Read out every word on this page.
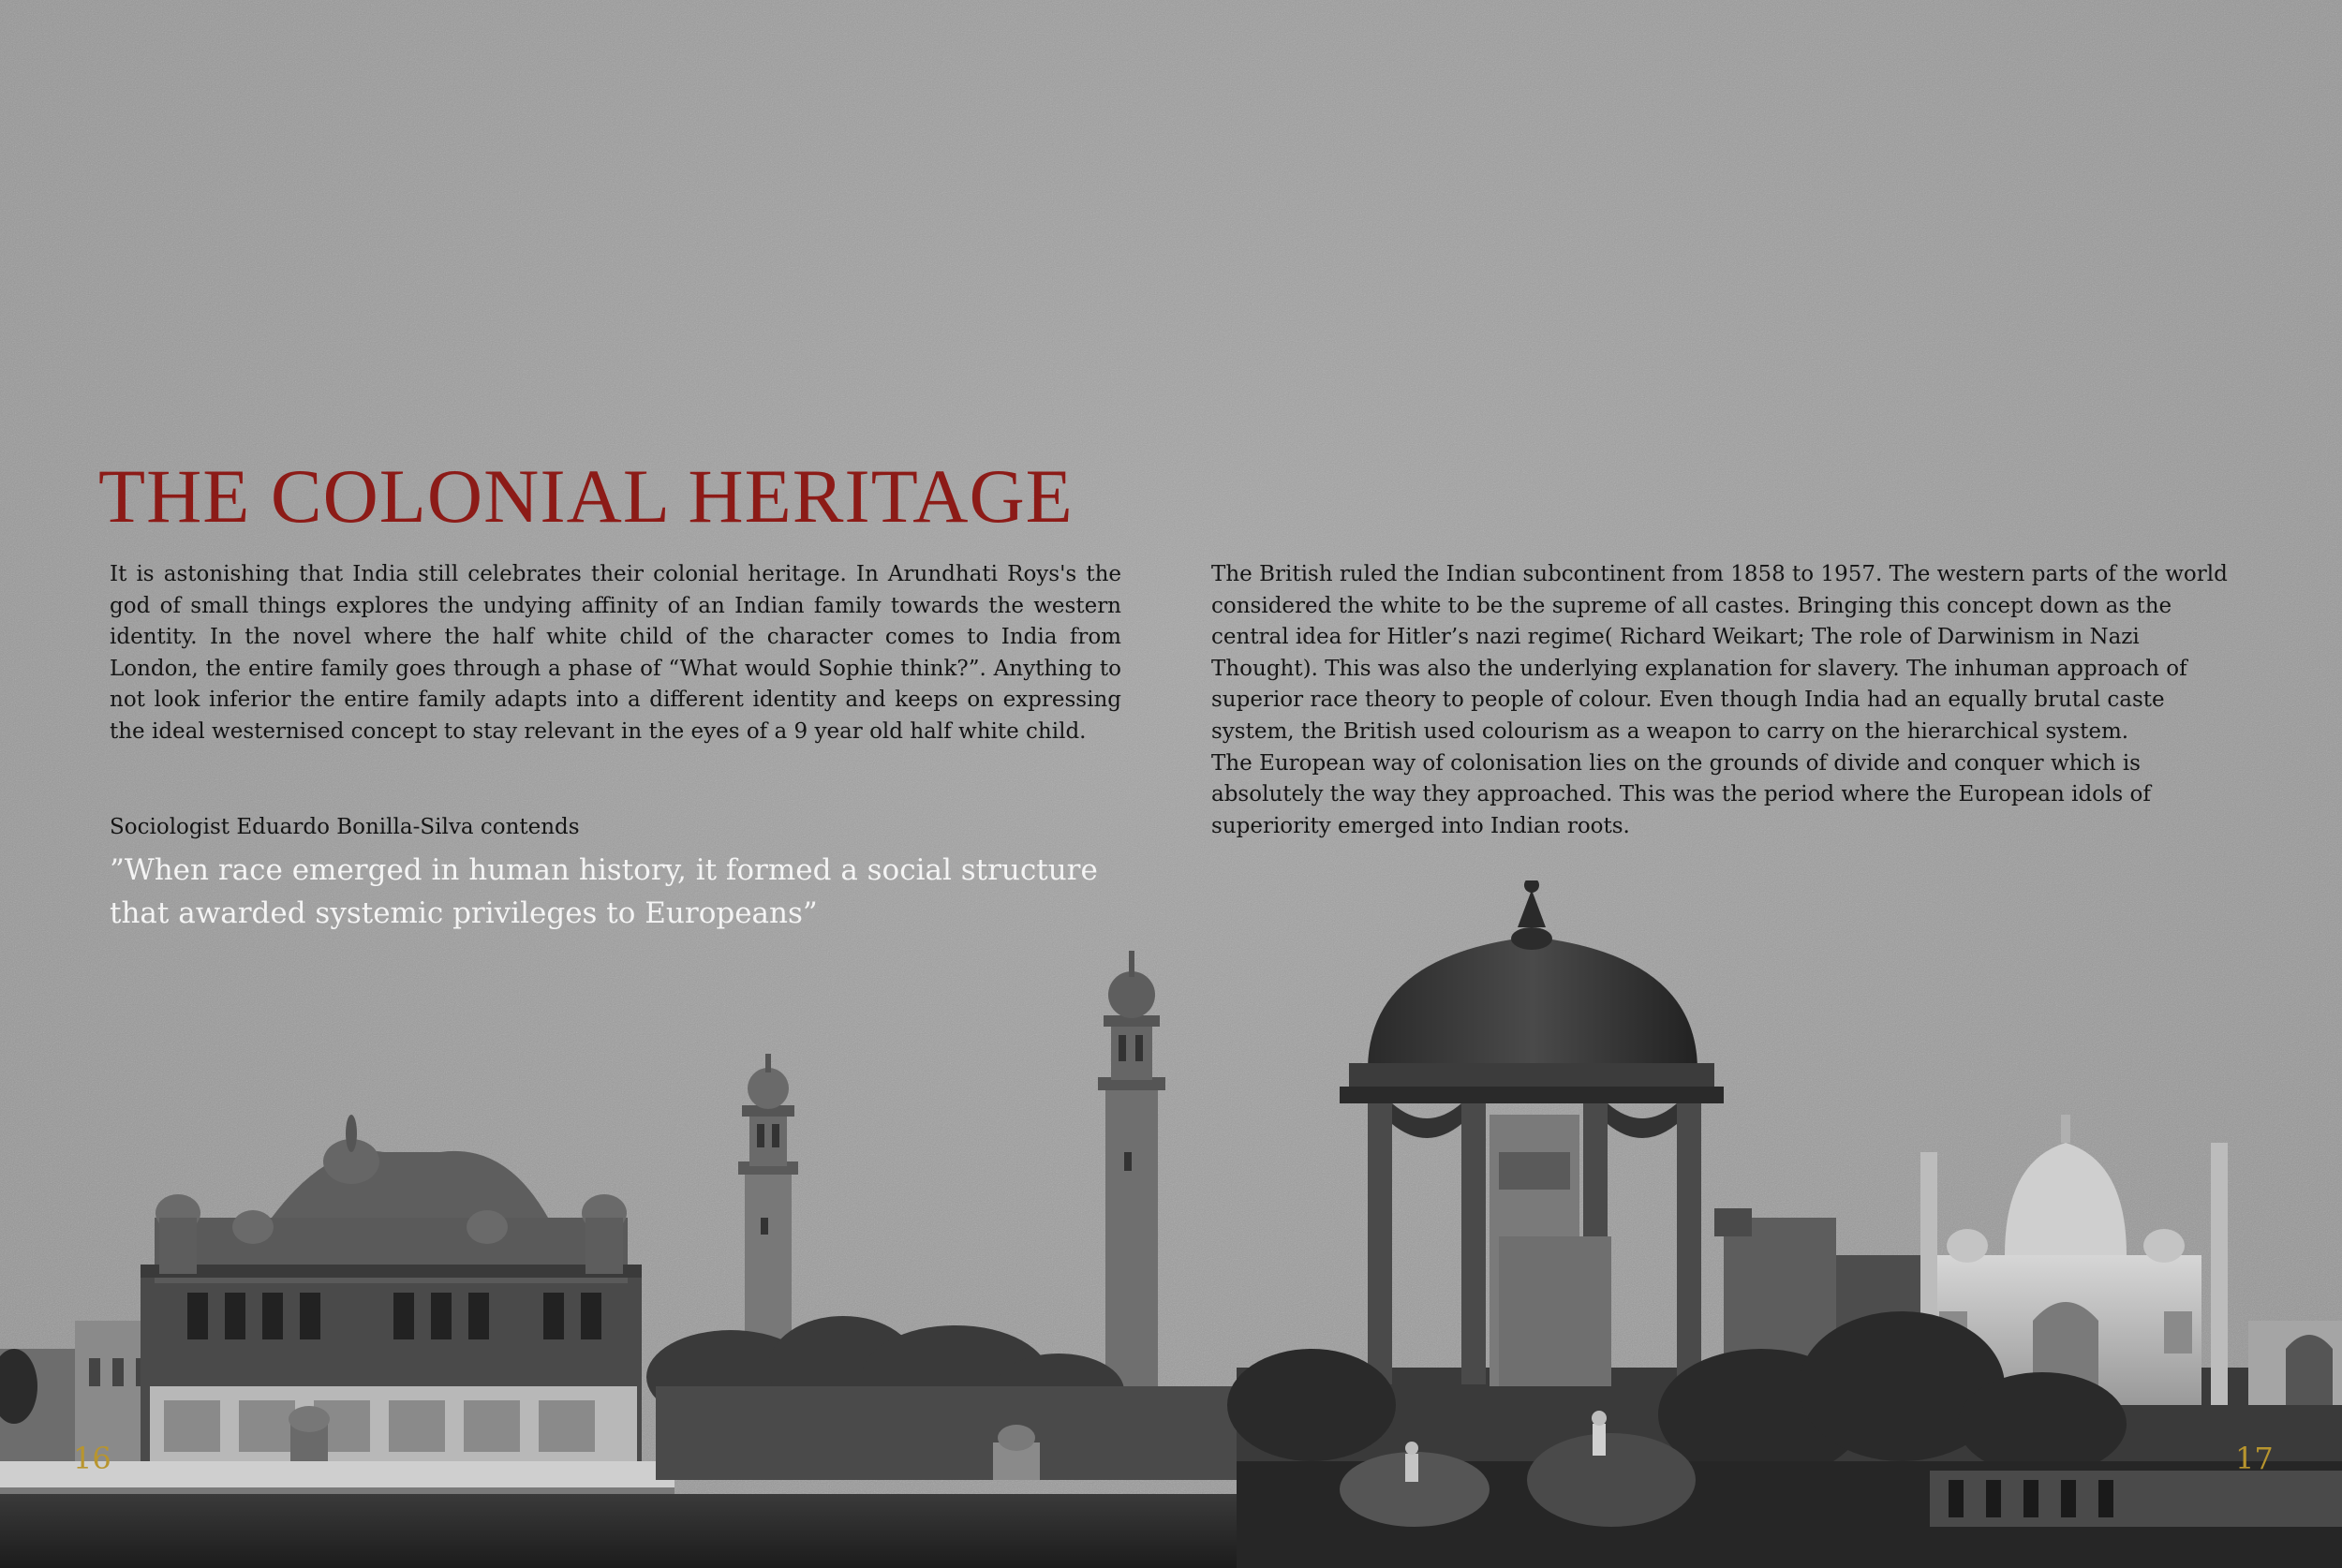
THE COLONIAL HERITAGE

It is astonishing that India still celebrates their colonial heritage. In Arundhati Roys's the god of small things explores the undying affinity of an Indian family towards the western identity. In the novel where the half white child of the character comes to India from London, the entire family goes through a phase of “What would Sophie think?”. Anything to not look inferior the entire family adapts into a different identity and keeps on expressing the ideal westernised concept to stay relevant in the eyes of a 9 year old half white child.

Sociologist Eduardo Bonilla-Silva contends

”When race emerged in human history, it formed a social structure that awarded systemic privileges to Europeans”

The British ruled the Indian subcontinent from 1858 to 1957. The western parts of the world considered the white to be the supreme of all castes. Bringing this concept down as the central idea for Hitler’s nazi regime( Richard Weikart; The role of Darwinism in Nazi Thought). This was also the underlying explanation for slavery. The inhuman approach of superior race theory to people of colour. Even though India had an equally brutal caste system, the British used colourism as a weapon to carry on the hierarchical system.

The European way of colonisation lies on the grounds of divide and conquer which is absolutely the way they approached. This was the period where the European idols of superiority emerged into Indian roots.

16	17
